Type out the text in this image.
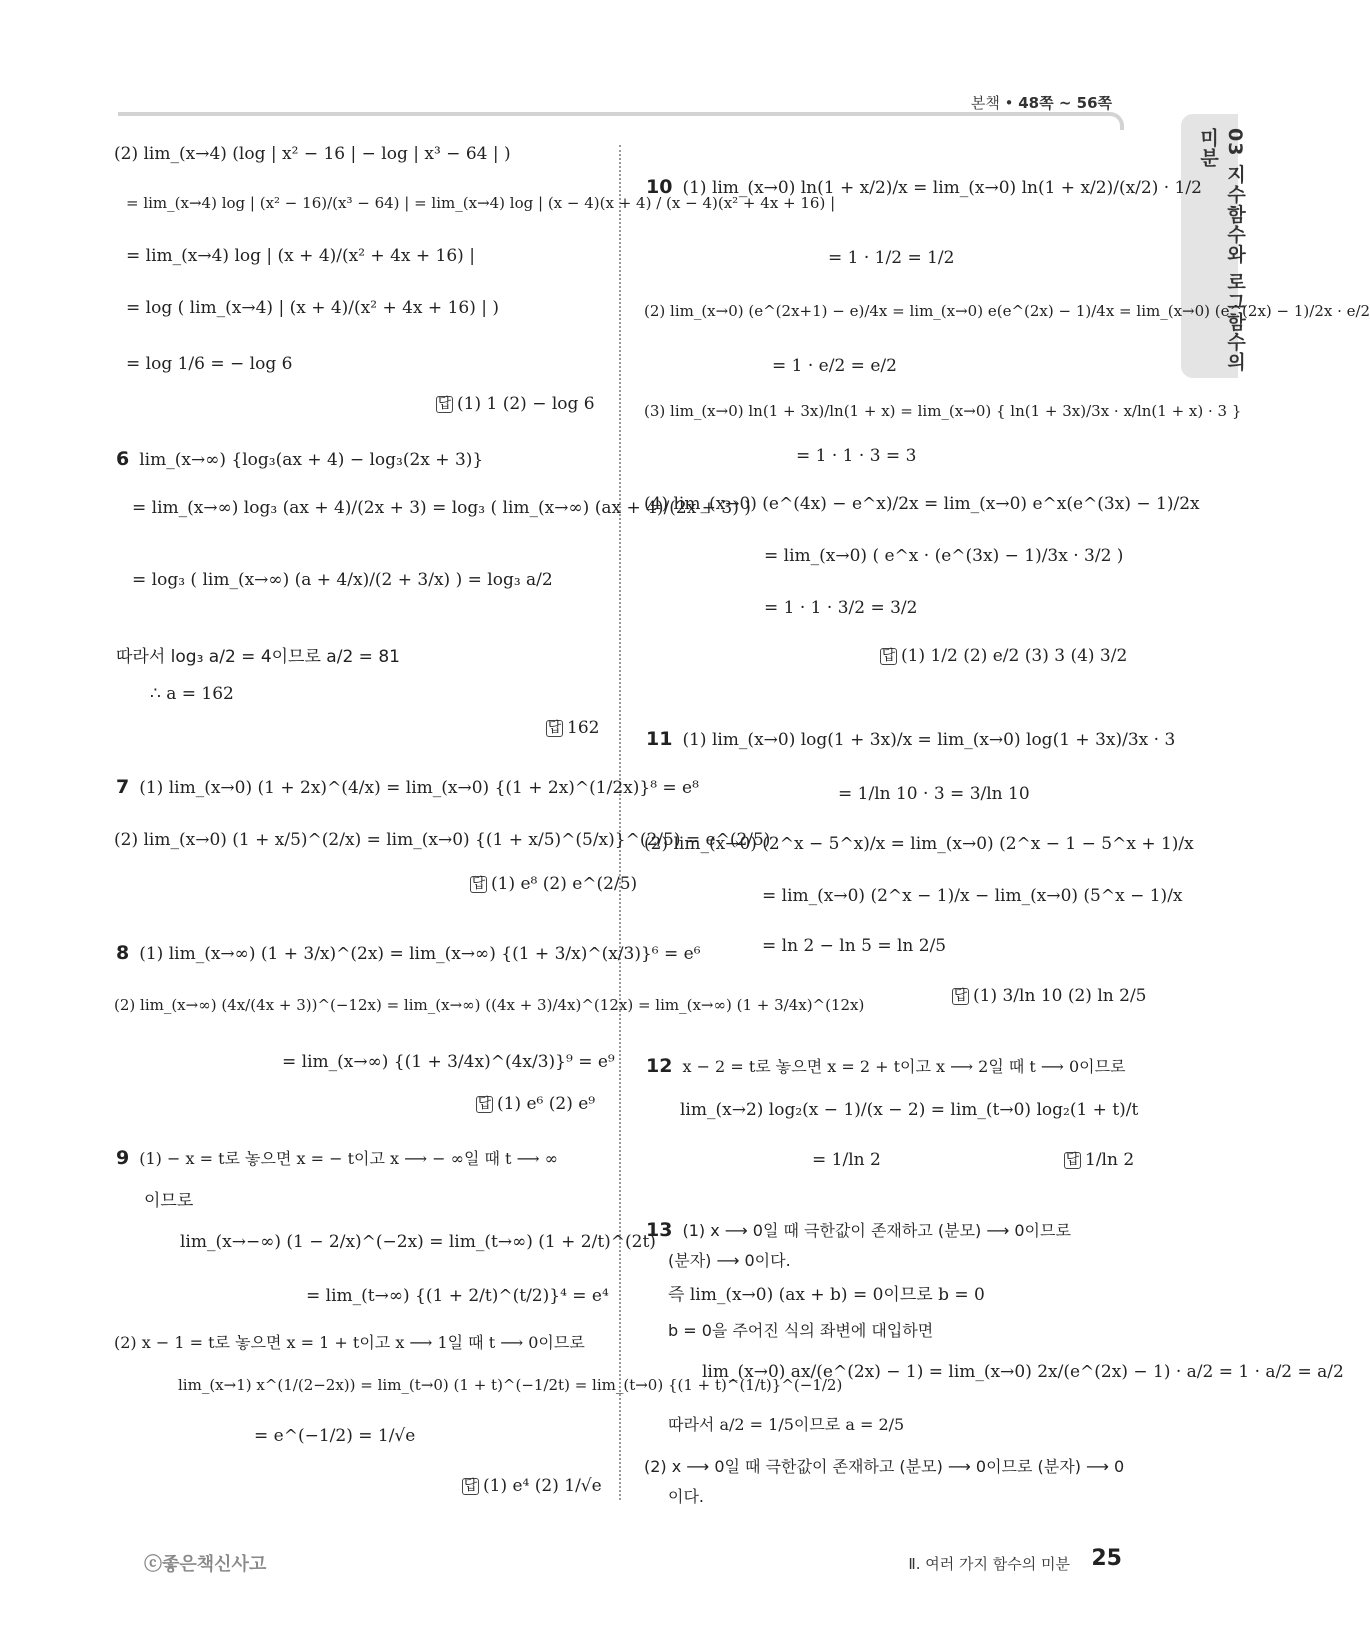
본책 • 48쪽 ~ 56쪽
03 지수함수와 로그함수의 미분
(2) lim_(x→4) (log | x² − 16 | − log | x³ − 64 | )
= lim_(x→4) log | (x² − 16)/(x³ − 64) | = lim_(x→4) log | (x − 4)(x + 4) / (x − 4)(x² + 4x + 16) |
= lim_(x→4) log | (x + 4)/(x² + 4x + 16) |
= log ( lim_(x→4) | (x + 4)/(x² + 4x + 16) | )
= log 1/6 = − log 6
답 (1) 1 (2) − log 6
6 lim_(x→∞) {log₃(ax + 4) − log₃(2x + 3)}
= lim_(x→∞) log₃ (ax + 4)/(2x + 3) = log₃ ( lim_(x→∞) (ax + 4)/(2x + 3) )
= log₃ ( lim_(x→∞) (a + 4/x)/(2 + 3/x) ) = log₃ a/2
따라서 log₃ a/2 = 4이므로 a/2 = 81
∴ a = 162
답 162
7 (1) lim_(x→0) (1 + 2x)^(4/x) = lim_(x→0) {(1 + 2x)^(1/2x)}⁸ = e⁸
(2) lim_(x→0) (1 + x/5)^(2/x) = lim_(x→0) {(1 + x/5)^(5/x)}^(2/5) = e^(2/5)
답 (1) e⁸ (2) e^(2/5)
8 (1) lim_(x→∞) (1 + 3/x)^(2x) = lim_(x→∞) {(1 + 3/x)^(x/3)}⁶ = e⁶
(2) lim_(x→∞) (4x/(4x + 3))^(−12x) = lim_(x→∞) ((4x + 3)/4x)^(12x) = lim_(x→∞) (1 + 3/4x)^(12x)
= lim_(x→∞) {(1 + 3/4x)^(4x/3)}⁹ = e⁹
답 (1) e⁶ (2) e⁹
9 (1) − x = t로 놓으면 x = − t이고 x ⟶ − ∞일 때 t ⟶ ∞
이므로
lim_(x→−∞) (1 − 2/x)^(−2x) = lim_(t→∞) (1 + 2/t)^(2t)
= lim_(t→∞) {(1 + 2/t)^(t/2)}⁴ = e⁴
(2) x − 1 = t로 놓으면 x = 1 + t이고 x ⟶ 1일 때 t ⟶ 0이므로
lim_(x→1) x^(1/(2−2x)) = lim_(t→0) (1 + t)^(−1/2t) = lim_(t→0) {(1 + t)^(1/t)}^(−1/2)
= e^(−1/2) = 1/√e
답 (1) e⁴ (2) 1/√e
10 (1) lim_(x→0) ln(1 + x/2)/x = lim_(x→0) ln(1 + x/2)/(x/2) · 1/2
= 1 · 1/2 = 1/2
(2) lim_(x→0) (e^(2x+1) − e)/4x = lim_(x→0) e(e^(2x) − 1)/4x = lim_(x→0) (e^(2x) − 1)/2x · e/2
= 1 · e/2 = e/2
(3) lim_(x→0) ln(1 + 3x)/ln(1 + x) = lim_(x→0) { ln(1 + 3x)/3x · x/ln(1 + x) · 3 }
= 1 · 1 · 3 = 3
(4) lim_(x→0) (e^(4x) − e^x)/2x = lim_(x→0) e^x(e^(3x) − 1)/2x
= lim_(x→0) ( e^x · (e^(3x) − 1)/3x · 3/2 )
= 1 · 1 · 3/2 = 3/2
답 (1) 1/2 (2) e/2 (3) 3 (4) 3/2
11 (1) lim_(x→0) log(1 + 3x)/x = lim_(x→0) log(1 + 3x)/3x · 3
= 1/ln 10 · 3 = 3/ln 10
(2) lim_(x→0) (2^x − 5^x)/x = lim_(x→0) (2^x − 1 − 5^x + 1)/x
= lim_(x→0) (2^x − 1)/x − lim_(x→0) (5^x − 1)/x
= ln 2 − ln 5 = ln 2/5
답 (1) 3/ln 10 (2) ln 2/5
12 x − 2 = t로 놓으면 x = 2 + t이고 x ⟶ 2일 때 t ⟶ 0이므로
lim_(x→2) log₂(x − 1)/(x − 2) = lim_(t→0) log₂(1 + t)/t
= 1/ln 2	답 1/ln 2
13 (1) x ⟶ 0일 때 극한값이 존재하고 (분모) ⟶ 0이므로
(분자) ⟶ 0이다.
즉 lim_(x→0) (ax + b) = 0이므로 b = 0
b = 0을 주어진 식의 좌변에 대입하면
lim_(x→0) ax/(e^(2x) − 1) = lim_(x→0) 2x/(e^(2x) − 1) · a/2 = 1 · a/2 = a/2
따라서 a/2 = 1/5이므로 a = 2/5
(2) x ⟶ 0일 때 극한값이 존재하고 (분모) ⟶ 0이므로 (분자) ⟶ 0
이다.
ⓒ좋은책신사고	Ⅱ. 여러 가지 함수의 미분 25
